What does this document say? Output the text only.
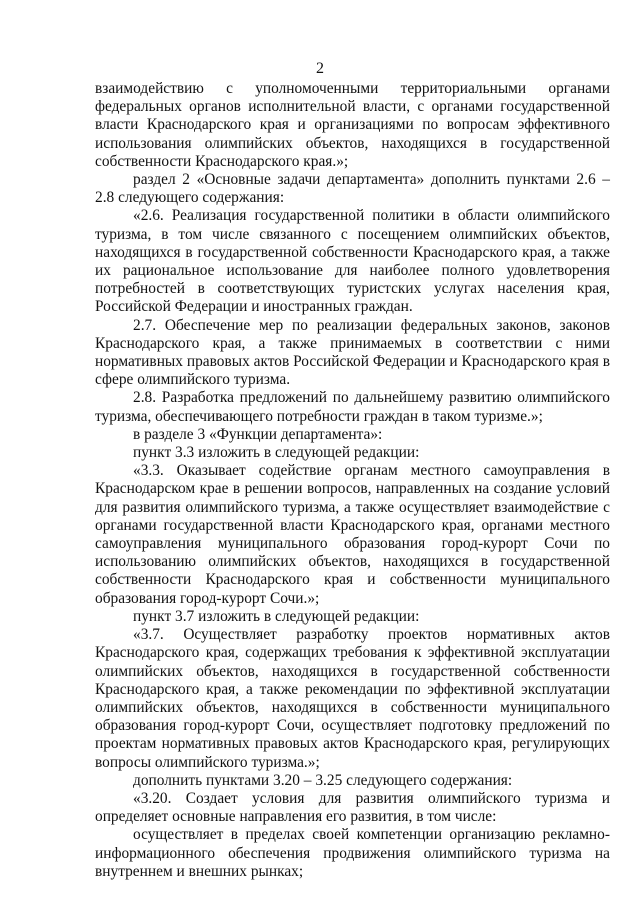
2

взаимодействию с уполномоченными территориальными органами федеральных органов исполнительной власти, с органами государственной власти Краснодарского края и организациями по вопросам эффективного использования олимпийских объектов, находящихся в государственной собственности Краснодарского края.»;

раздел 2 «Основные задачи департамента» дополнить пунктами 2.6 – 2.8 следующего содержания:

«2.6. Реализация государственной политики в области олимпийского туризма, в том числе связанного с посещением олимпийских объектов, находящихся в государственной собственности Краснодарского края, а также их рациональное использование для наиболее полного удовлетворения потребностей в соответствующих туристских услугах населения края, Российской Федерации и иностранных граждан.

2.7. Обеспечение мер по реализации федеральных законов, законов Краснодарского края, а также принимаемых в соответствии с ними нормативных правовых актов Российской Федерации и Краснодарского края в сфере олимпийского туризма.

2.8. Разработка предложений по дальнейшему развитию олимпийского туризма, обеспечивающего потребности граждан в таком туризме.»;

в разделе 3 «Функции департамента»:

пункт 3.3 изложить в следующей редакции:

«3.3. Оказывает содействие органам местного самоуправления в Краснодарском крае в решении вопросов, направленных на создание условий для развития олимпийского туризма, а также осуществляет взаимодействие с органами государственной власти Краснодарского края, органами местного самоуправления муниципального образования город-курорт Сочи по использованию олимпийских объектов, находящихся в государственной собственности Краснодарского края и собственности муниципального образования город-курорт Сочи.»;

пункт 3.7 изложить в следующей редакции:

«3.7. Осуществляет разработку проектов нормативных актов Краснодарского края, содержащих требования к эффективной эксплуатации олимпийских объектов, находящихся в государственной собственности Краснодарского края, а также рекомендации по эффективной эксплуатации олимпийских объектов, находящихся в собственности муниципального образования город-курорт Сочи, осуществляет подготовку предложений по проектам нормативных правовых актов Краснодарского края, регулирующих вопросы олимпийского туризма.»;

дополнить пунктами 3.20 – 3.25 следующего содержания:

«3.20. Создает условия для развития олимпийского туризма и определяет основные направления его развития, в том числе:

осуществляет в пределах своей компетенции организацию рекламно-информационного обеспечения продвижения олимпийского туризма на внутреннем и внешних рынках;
